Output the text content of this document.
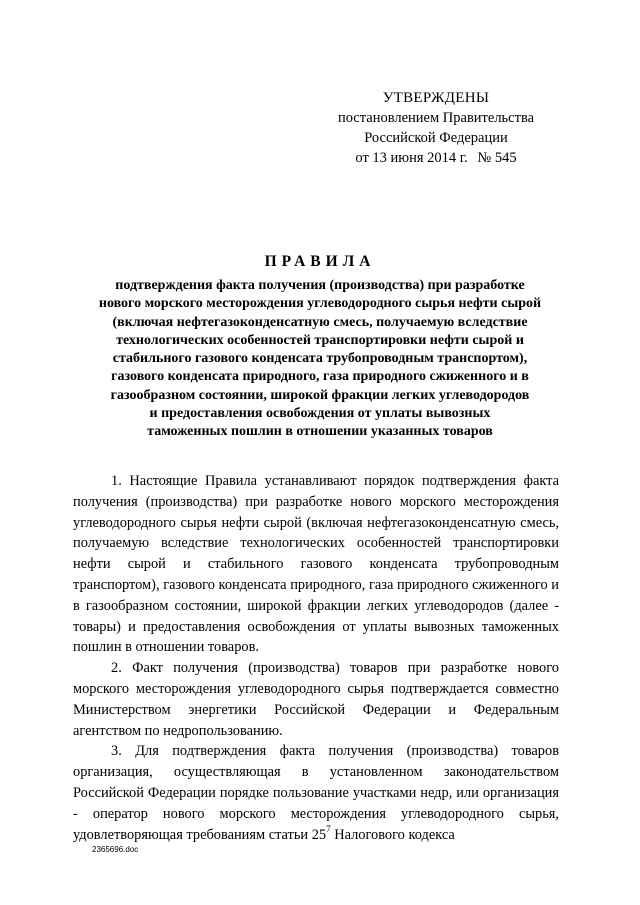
УТВЕРЖДЕНЫ
постановлением Правительства
Российской Федерации
от 13 июня 2014 г. № 545
ПРАВИЛА
подтверждения факта получения (производства) при разработке
нового морского месторождения углеводородного сырья нефти сырой
(включая нефтегазоконденсатную смесь, получаемую вследствие
технологических особенностей транспортировки нефти сырой и
стабильного газового конденсата трубопроводным транспортом),
газового конденсата природного, газа природного сжиженного и в
газообразном состоянии, широкой фракции легких углеводородов
и предоставления освобождения от уплаты вывозных
таможенных пошлин в отношении указанных товаров

1. Настоящие Правила устанавливают порядок подтверждения факта получения (производства) при разработке нового морского месторождения углеводородного сырья нефти сырой (включая нефтегазоконденсатную смесь, получаемую вследствие технологических особенностей транспортировки нефти сырой и стабильного газового конденсата трубопроводным транспортом), газового конденсата природного, газа природного сжиженного и в газообразном состоянии, широкой фракции легких углеводородов (далее - товары) и предоставления освобождения от уплаты вывозных таможенных пошлин в отношении товаров.

2. Факт получения (производства) товаров при разработке нового морского месторождения углеводородного сырья подтверждается совместно Министерством энергетики Российской Федерации и Федеральным агентством по недропользованию.

3. Для подтверждения факта получения (производства) товаров организация, осуществляющая в установленном законодательством Российской Федерации порядке пользование участками недр, или организация - оператор нового морского месторождения углеводородного сырья, удовлетворяющая требованиям статьи $25^7$ Налогового кодекса

2365696.doc
